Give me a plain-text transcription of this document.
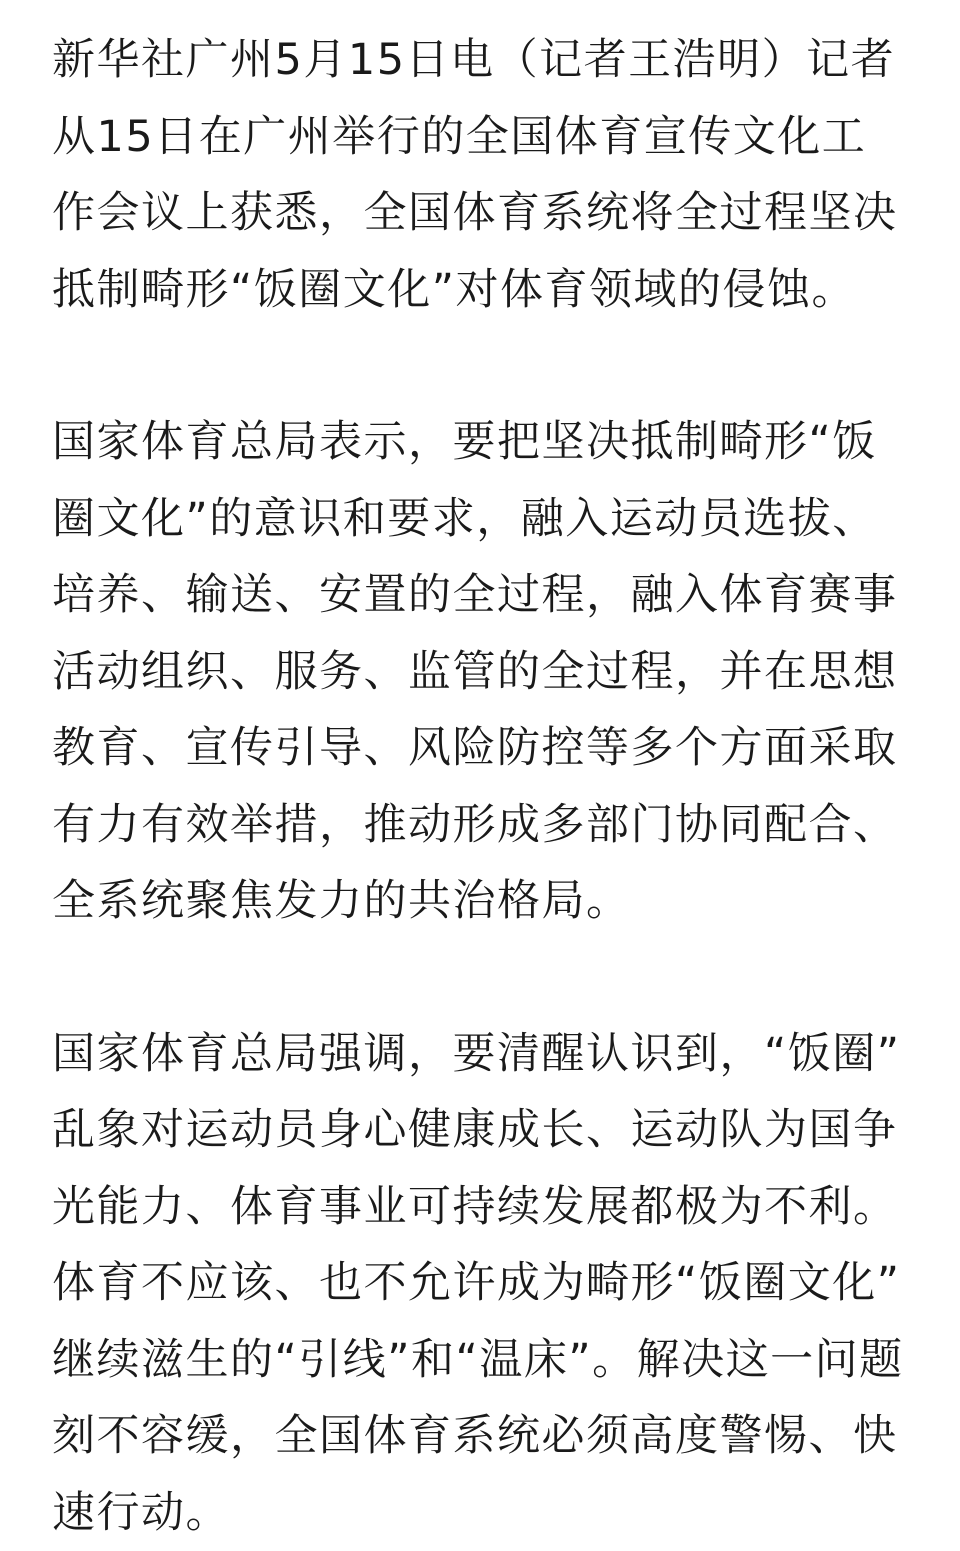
新华社广州5月15日电（记者王浩明）记者
从15日在广州举行的全国体育宣传文化工
作会议上获悉，全国体育系统将全过程坚决
抵制畸形“饭圈文化”对体育领域的侵蚀。

国家体育总局表示，要把坚决抵制畸形“饭
圈文化”的意识和要求，融入运动员选拔、
培养、输送、安置的全过程，融入体育赛事
活动组织、服务、监管的全过程，并在思想
教育、宣传引导、风险防控等多个方面采取
有力有效举措，推动形成多部门协同配合、
全系统聚焦发力的共治格局。

国家体育总局强调，要清醒认识到，“饭圈”
乱象对运动员身心健康成长、运动队为国争
光能力、体育事业可持续发展都极为不利。
体育不应该、也不允许成为畸形“饭圈文化”
继续滋生的“引线”和“温床”。解决这一问题
刻不容缓，全国体育系统必须高度警惕、快
速行动。
